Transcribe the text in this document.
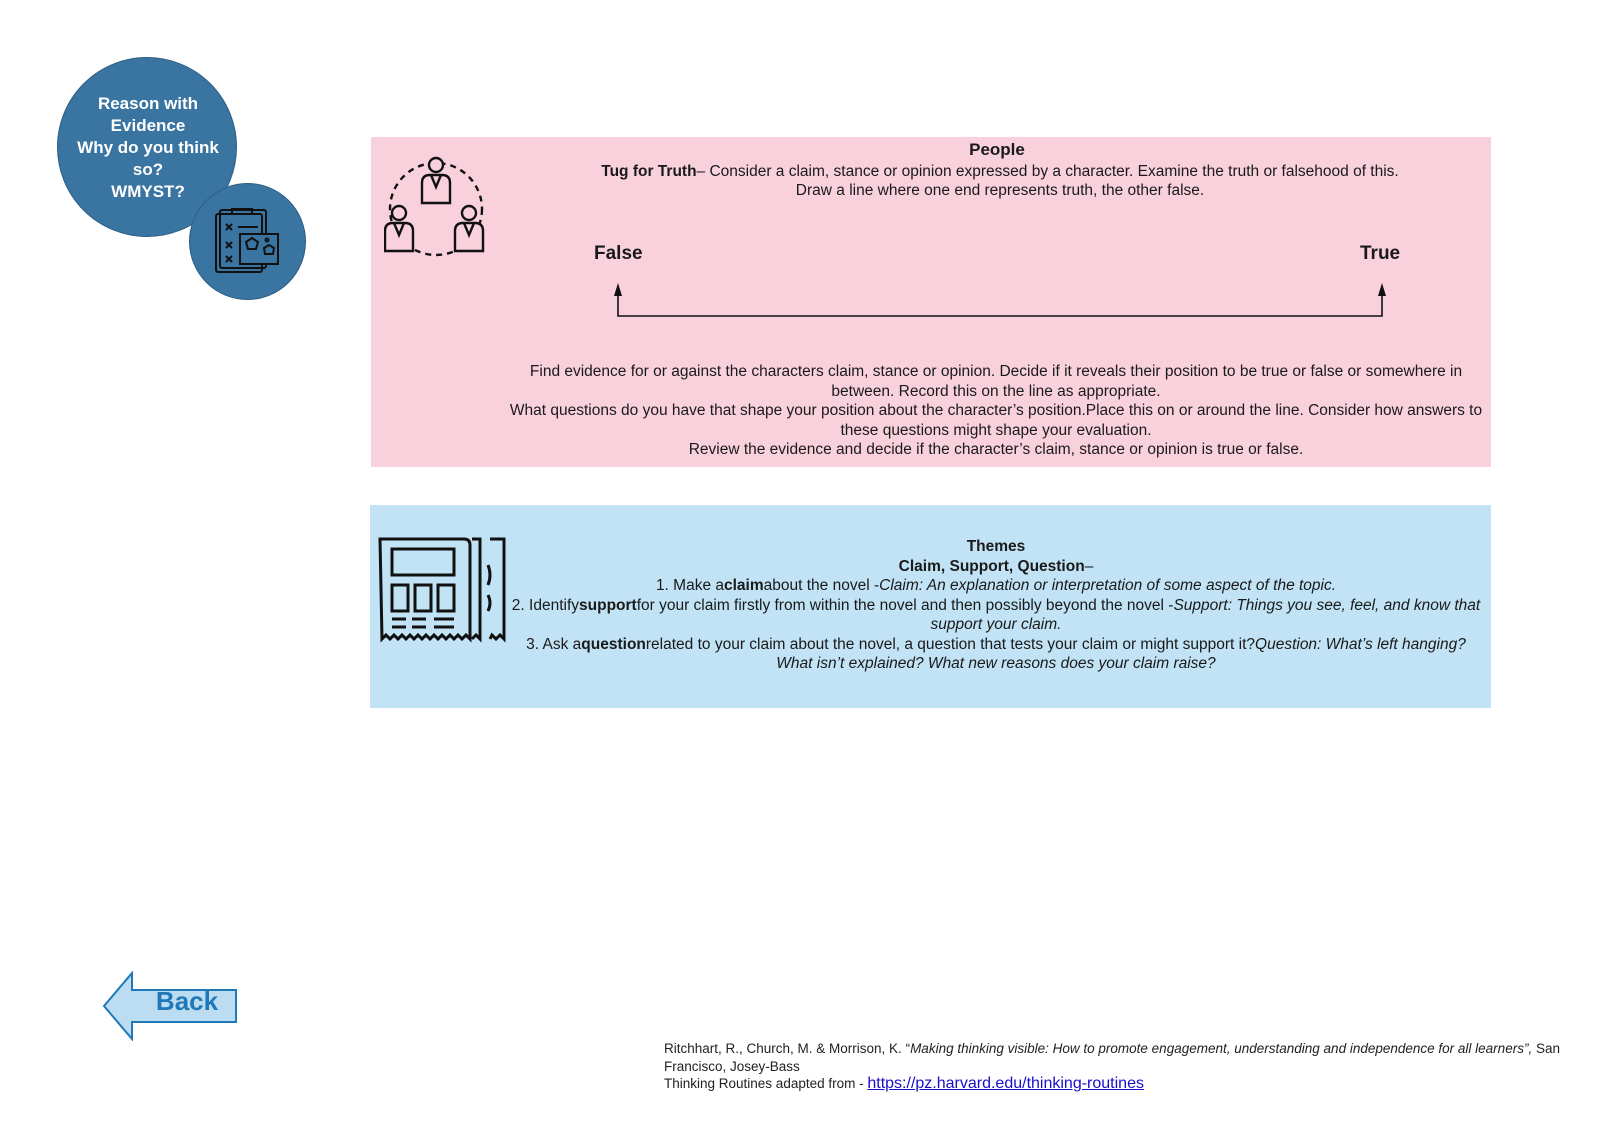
Reason with
Evidence
Why do you think
so?
WMYST?
People
Tug for Truth– Consider a claim, stance or opinion expressed by a character. Examine the truth or falsehood of this.
Draw a line where one end represents truth, the other false.
False	True

Find evidence for or against the characters claim, stance or opinion. Decide if it reveals their position to be true or false or somewhere in between. Record this on the line as appropriate.

What questions do you have that shape your position about the character’s position.Place this on or around the line. Consider how answers to these questions might shape your evaluation.

Review the evidence and decide if the character’s claim, stance or opinion is true or false.

Themes

Claim, Support, Question–

1. Make aclaimabout the novel -Claim: An explanation or interpretation of some aspect of the topic.

2. Identifysupportfor your claim firstly from within the novel and then possibly beyond the novel -Support: Things you see, feel, and know that support your claim.

3. Ask aquestionrelated to your claim about the novel, a question that tests your claim or might support it?Question: What’s left hanging? What isn’t explained? What new reasons does your claim raise?

Back

Ritchhart, R., Church, M. & Morrison, K. “Making thinking visible: How to promote engagement, understanding and independence for all learners”, San Francisco, Josey-Bass

Thinking Routines adapted from - https://pz.harvard.edu/thinking-routines
